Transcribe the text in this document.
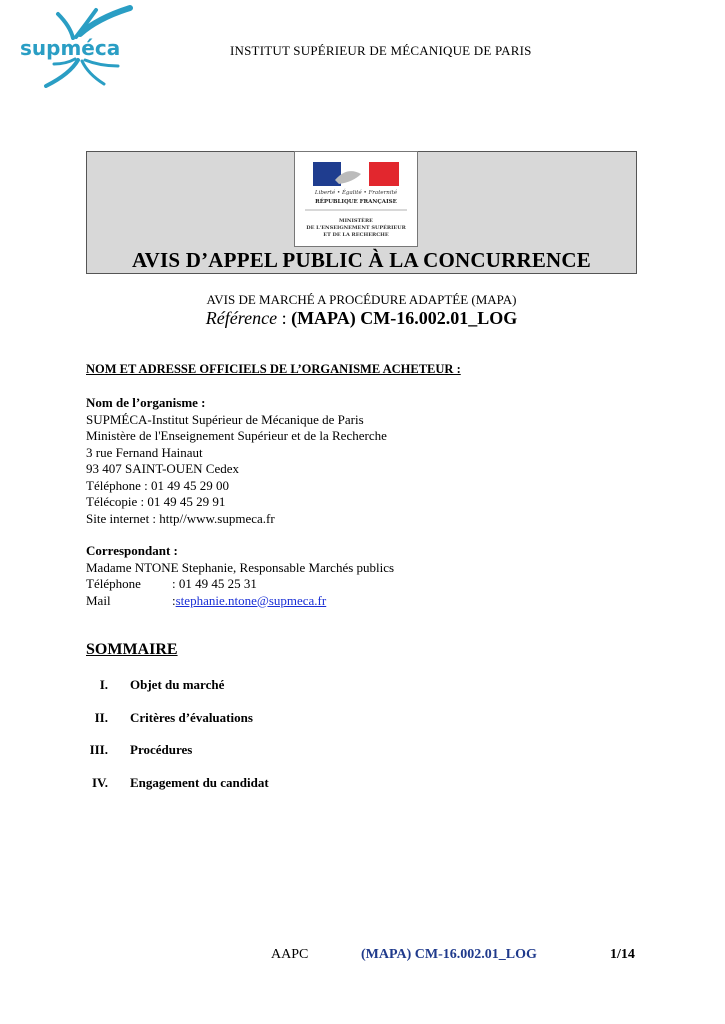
supméca	INSTITUT SUPÉRIEUR DE MÉCANIQUE DE PARIS
Liberté • Égalité • Fraternité
RÉPUBLIQUE FRANÇAISE
MINISTÈRE
DE L'ENSEIGNEMENT SUPÉRIEUR
ET DE LA RECHERCHE
AVIS D’APPEL PUBLIC À LA CONCURRENCE
AVIS DE MARCHÉ A PROCÉDURE ADAPTÉE (MAPA)
Référence : (MAPA) CM-16.002.01_LOG
NOM ET ADRESSE OFFICIELS DE L’ORGANISME ACHETEUR :
Nom de l’organisme :
SUPMÉCA-Institut Supérieur de Mécanique de Paris
Ministère de l'Enseignement Supérieur et de la Recherche
3 rue Fernand Hainaut
93 407 SAINT-OUEN Cedex
Téléphone : 01 49 45 29 00
Télécopie : 01 49 45 29 91
Site internet : http//www.supmeca.fr
Correspondant :
Madame NTONE Stephanie, Responsable Marchés publics
Téléphone	: 01 49 45 25 31
Mail	: stephanie.ntone@supmeca.fr
SOMMAIRE
I. Objet du marché
II. Critères d’évaluations
III. Procédures
IV. Engagement du candidat
AAPC	(MAPA) CM-16.002.01_LOG	1/14
